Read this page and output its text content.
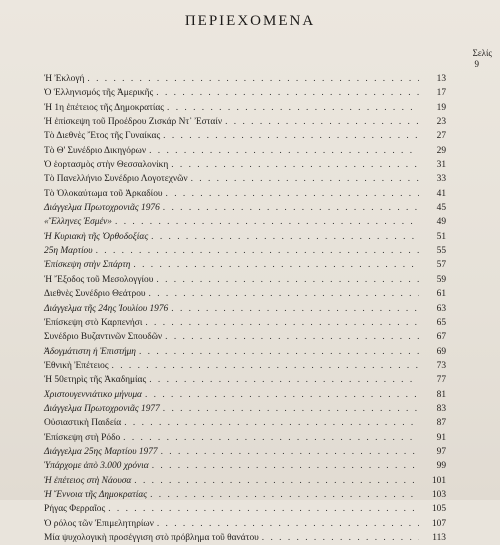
ΠΕΡΙΕΧΟΜΕΝΑ
Σελίς
9
Ἡ Ἐκλογή . . .	13
Ὁ Ἑλληνισμός τῆς Ἀμερικῆς . . .	17
Ἡ 1η ἐπέτειος τῆς Δημοκρατίας . . .	19
Ἡ ἐπίσκεψη τοῦ Προέδρου Ζισκάρ Ντ᾽ Ἐσταίν . . .	23
Τὸ Διεθνὲς Ἔτος τῆς Γυναίκας . . .	27
Τὸ Θ' Συνέδριο Δικηγόρων . . .	29
Ὁ ἑορτασμὸς στὴν Θεσσαλονίκη . . .	31
Τὸ Πανελλήνιο Συνέδριο Λογοτεχνῶν . . .	33
Τὸ Ὁλοκαύτωμα τοῦ Ἀρκαδίου . . .	41
Διάγγελμα Πρωτοχρονιᾶς 1976 . . .	45
«Ἕλληνες Ἐσμέν» . . .	49
Ἡ Κυριακὴ τῆς Ὀρθοδοξίας . . .	51
25η Μαρτίου . . .	55
Ἐπίσκεψη στὴν Σπάρτη . . .	57
Ἡ Ἔξοδος τοῦ Μεσολογγίου . . .	59
Διεθνὲς Συνέδριο Θεάτρου . . .	61
Διάγγελμα τῆς 24ης Ἰουλίου 1976 . . .	63
Ἐπίσκεψη στὸ Καρπενήσι . . .	65
Συνέδριο Βυζαντινῶν Σπουδῶν . . .	67
Ἀδογμάτιστη ἡ Ἐπιστήμη . . .	69
Ἐθνικὴ Ἐπέτειος . . .	73
Ἡ 50ετηρὶς τῆς Ἀκαδημίας . . .	77
Χριστουγεννιάτικο μήνυμα . . .	81
Διάγγελμα Πρωτοχρονιᾶς 1977 . . .	83
Οὐσιαστικὴ Παιδεία . . .	87
Ἐπίσκεψη στὴ Ρόδο . . .	91
Διάγγελμα 25ης Μαρτίου 1977 . . .	97
Ὑπάρχομε ἀπὸ 3.000 χρόνια . . .	99
Ἡ ἐπέτειος στὴ Νάουσα . . .	101
Ἡ Ἔννοια τῆς Δημοκρατίας . . .	103
Ρήγας Φερραῖος . . .	105
Ὁ ρόλος τῶν Ἐπιμελητηρίων . . .	107
Μία ψυχολογικὴ προσέγγιση στὸ πρόβλημα τοῦ θανάτου . . .	113
